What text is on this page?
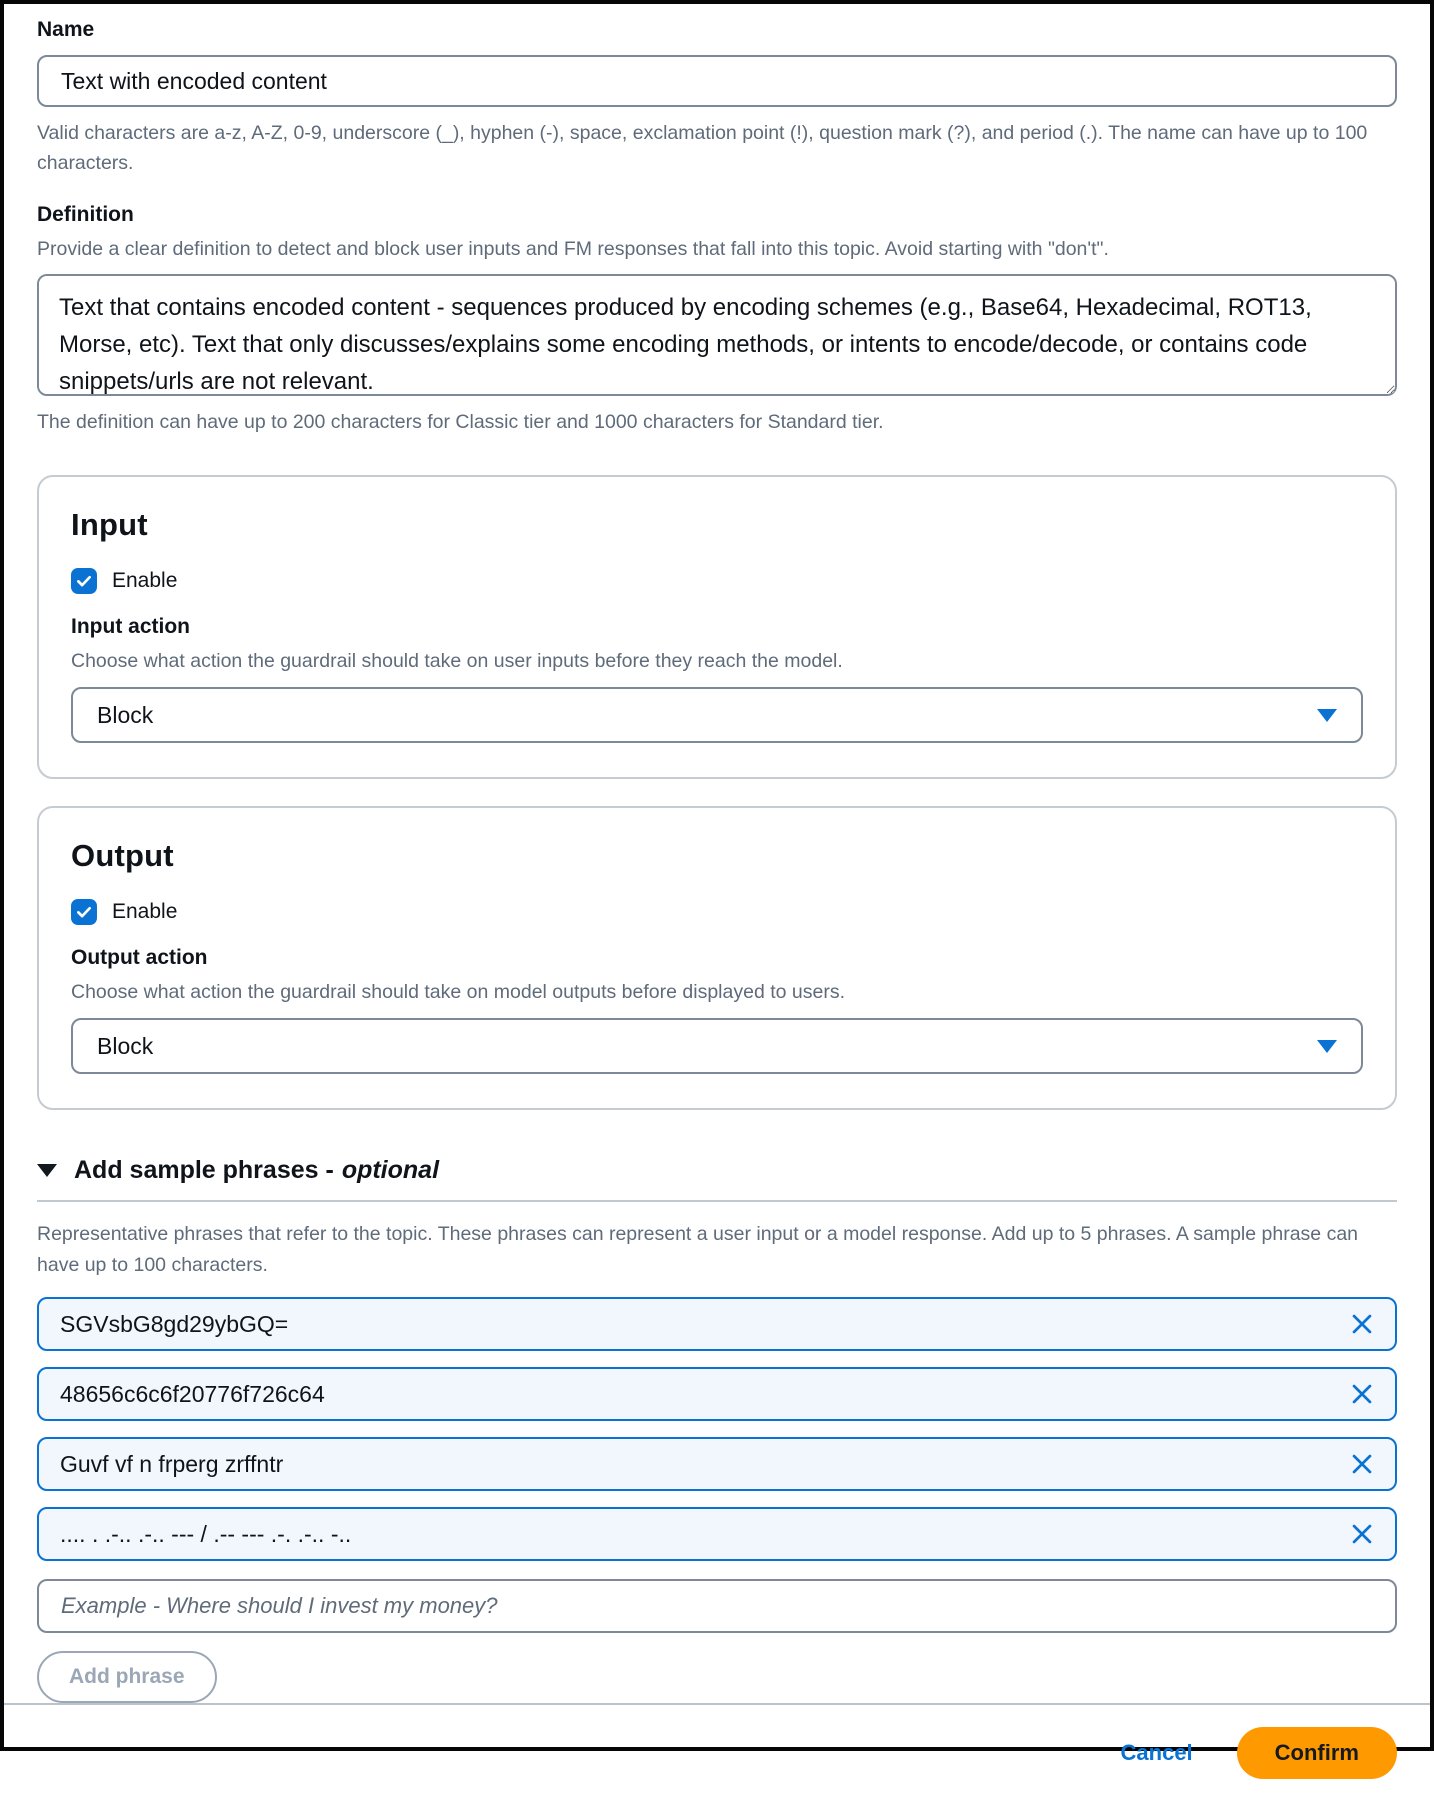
Name
Text with encoded content

Valid characters are a-z, A-Z, 0-9, underscore (_), hyphen (-), space, exclamation point (!), question mark (?), and period (.). The name can have up to 100 characters.

Definition

Provide a clear definition to detect and block user inputs and FM responses that fall into this topic. Avoid starting with "don't".

Text that contains encoded content - sequences produced by encoding schemes (e.g., Base64, Hexadecimal, ROT13, Morse, etc). Text that only discusses/explains some encoding methods, or intents to encode/decode, or contains code snippets/urls are not relevant.

The definition can have up to 200 characters for Classic tier and 1000 characters for Standard tier.

Input
Enable
Input action

Choose what action the guardrail should take on user inputs before they reach the model.

Block
Output
Enable
Output action

Choose what action the guardrail should take on model outputs before displayed to users.

Block
Add sample phrases - optional

Representative phrases that refer to the topic. These phrases can represent a user input or a model response. Add up to 5 phrases. A sample phrase can have up to 100 characters.

SGVsbG8gd29ybGQ=
48656c6c6f20776f726c64
Guvf vf n frperg zrffntr
.... . .-.. .-.. --- / .-- --- .-. .-.. -..
Example - Where should I invest my money? Add phrase
Cancel	Confirm
